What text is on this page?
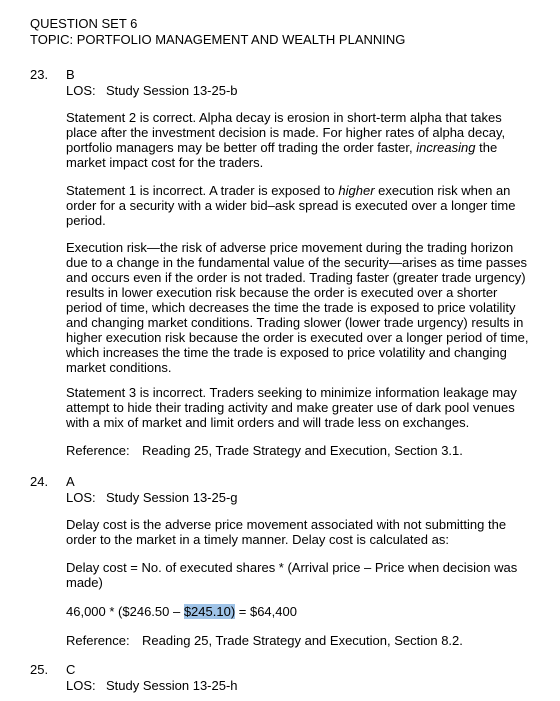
QUESTION SET 6
TOPIC: PORTFOLIO MANAGEMENT AND WEALTH PLANNING
23. B
LOS: Study Session 13-25-b
Statement 2 is correct. Alpha decay is erosion in short-term alpha that takes
place after the investment decision is made. For higher rates of alpha decay,
portfolio managers may be better off trading the order faster, increasing the
market impact cost for the traders.
Statement 1 is incorrect. A trader is exposed to higher execution risk when an
order for a security with a wider bid–ask spread is executed over a longer time
period.
Execution risk—the risk of adverse price movement during the trading horizon
due to a change in the fundamental value of the security—arises as time passes
and occurs even if the order is not traded. Trading faster (greater trade urgency)
results in lower execution risk because the order is executed over a shorter
period of time, which decreases the time the trade is exposed to price volatility
and changing market conditions. Trading slower (lower trade urgency) results in
higher execution risk because the order is executed over a longer period of time,
which increases the time the trade is exposed to price volatility and changing
market conditions.
Statement 3 is incorrect. Traders seeking to minimize information leakage may
attempt to hide their trading activity and make greater use of dark pool venues
with a mix of market and limit orders and will trade less on exchanges.
Reference: Reading 25, Trade Strategy and Execution, Section 3.1.
24. A
LOS: Study Session 13-25-g
Delay cost is the adverse price movement associated with not submitting the
order to the market in a timely manner. Delay cost is calculated as:
Delay cost = No. of executed shares * (Arrival price – Price when decision was
made)
46,000 * ($246.50 – $245.10) = $64,400
Reference: Reading 25, Trade Strategy and Execution, Section 8.2.
25. C
LOS: Study Session 13-25-h
